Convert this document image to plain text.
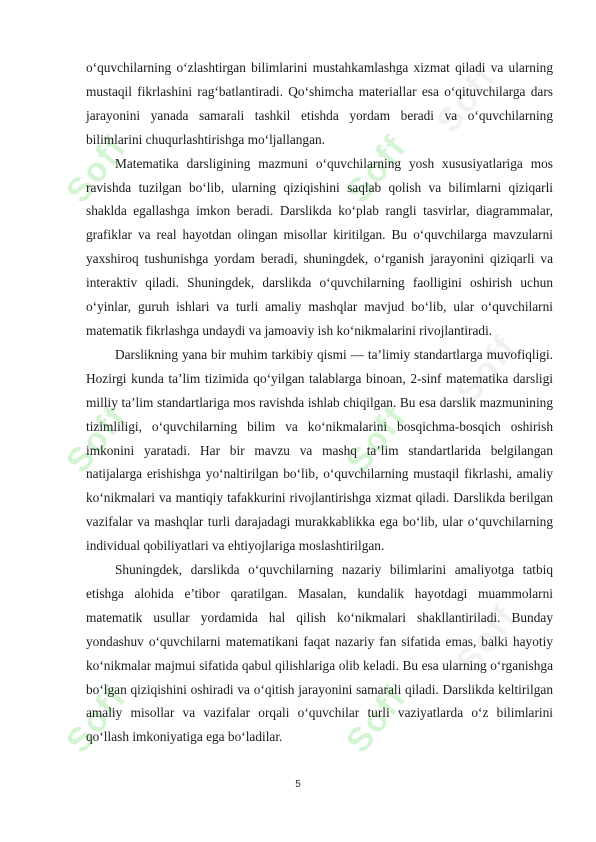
Soff	Soff
Soff
Soff	Soff
Soff
Soff	Soff
Soff

o‘quvchilarning o‘zlashtirgan bilimlarini mustahkamlashga xizmat qiladi va ularning mustaqil fikrlashini rag‘batlantiradi. Qo‘shimcha materiallar esa o‘qituvchilarga dars jarayonini yanada samarali tashkil etishda yordam beradi va o‘quvchilarning bilimlarini chuqurlashtirishga mo‘ljallangan.

Matematika darsligining mazmuni o‘quvchilarning yosh xususiyatlariga mos ravishda tuzilgan bo‘lib, ularning qiziqishini saqlab qolish va bilimlarni qiziqarli shaklda egallashga imkon beradi. Darslikda ko‘plab rangli tasvirlar, diagrammalar, grafiklar va real hayotdan olingan misollar kiritilgan. Bu o‘quvchilarga mavzularni yaxshiroq tushunishga yordam beradi, shuningdek, o‘rganish jarayonini qiziqarli va interaktiv qiladi. Shuningdek, darslikda o‘quvchilarning faolligini oshirish uchun o‘yinlar, guruh ishlari va turli amaliy mashqlar mavjud bo‘lib, ular o‘quvchilarni matematik fikrlashga undaydi va jamoaviy ish ko‘nikmalarini rivojlantiradi.

Darslikning yana bir muhim tarkibiy qismi — ta’limiy standartlarga muvofiqligi. Hozirgi kunda ta’lim tizimida qo‘yilgan talablarga binoan, 2-sinf matematika darsligi milliy ta’lim standartlariga mos ravishda ishlab chiqilgan. Bu esa darslik mazmunining tizimliligi, o‘quvchilarning bilim va ko‘nikmalarini bosqichma-bosqich oshirish imkonini yaratadi. Har bir mavzu va mashq ta’lim standartlarida belgilangan natijalarga erishishga yo‘naltirilgan bo‘lib, o‘quvchilarning mustaqil fikrlashi, amaliy ko‘nikmalari va mantiqiy tafakkurini rivojlantirishga xizmat qiladi. Darslikda berilgan vazifalar va mashqlar turli darajadagi murakkablikka ega bo‘lib, ular o‘quvchilarning individual qobiliyatlari va ehtiyojlariga moslashtirilgan.

Shuningdek, darslikda o‘quvchilarning nazariy bilimlarini amaliyotga tatbiq etishga alohida e’tibor qaratilgan. Masalan, kundalik hayotdagi muammolarni matematik usullar yordamida hal qilish ko‘nikmalari shakllantiriladi. Bunday yondashuv o‘quvchilarni matematikani faqat nazariy fan sifatida emas, balki hayotiy ko‘nikmalar majmui sifatida qabul qilishlariga olib keladi. Bu esa ularning o‘rganishga bo‘lgan qiziqishini oshiradi va o‘qitish jarayonini samarali qiladi. Darslikda keltirilgan amaliy misollar va vazifalar orqali o‘quvchilar turli vaziyatlarda o‘z bilimlarini qo‘llash imkoniyatiga ega bo‘ladilar.

5
